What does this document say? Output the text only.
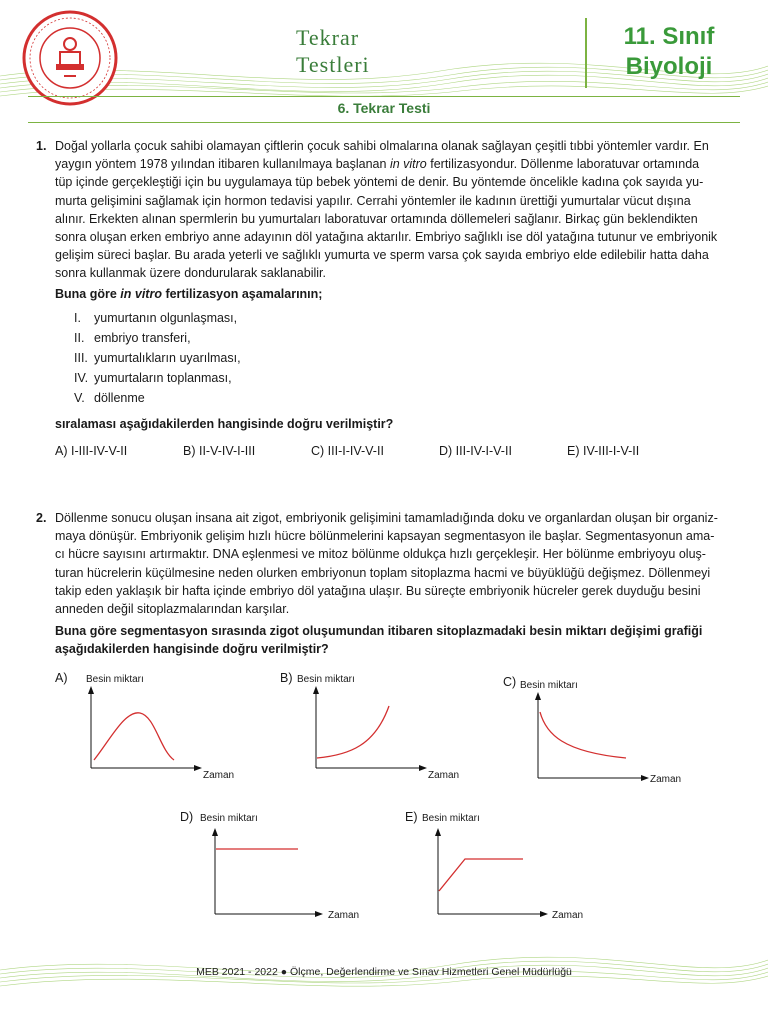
Tekrar
Testleri
11. Sınıf
Biyoloji
6. Tekrar Testi
1. Doğal yollarla çocuk sahibi olamayan çiftlerin çocuk sahibi olmalarına olanak sağlayan çeşitli tıbbi yöntemler vardır. En
yaygın yöntem 1978 yılından itibaren kullanılmaya başlanan in vitro fertilizasyondur. Döllenme laboratuvar ortamında
tüp içinde gerçekleştiği için bu uygulamaya tüp bebek yöntemi de denir. Bu yöntemde öncelikle kadına çok sayıda yu-
murta gelişimini sağlamak için hormon tedavisi yapılır. Cerrahi yöntemler ile kadının ürettiği yumurtalar vücut dışına
alınır. Erkekten alınan spermlerin bu yumurtaları laboratuvar ortamında döllemeleri sağlanır. Birkaç gün beklendikten
sonra oluşan erken embriyo anne adayının döl yatağına aktarılır. Embriyo sağlıklı ise döl yatağına tutunur ve embriyonik
gelişim süreci başlar. Bu arada yeterli ve sağlıklı yumurta ve sperm varsa çok sayıda embriyo elde edilebilir hatta daha
sonra kullanmak üzere dondurularak saklanabilir.
Buna göre in vitro fertilizasyon aşamalarının;
I. yumurtanın olgunlaşması,
II. embriyo transferi,
III. yumurtalıkların uyarılması,
IV. yumurtaların toplanması,
V. döllenme
sıralaması aşağıdakilerden hangisinde doğru verilmiştir?
A) I-III-IV-V-II	B) II-V-IV-I-III	C) III-I-IV-V-II	D) III-IV-I-V-II	E) IV-III-I-V-II
2. Döllenme sonucu oluşan insana ait zigot, embriyonik gelişimini tamamladığında doku ve organlardan oluşan bir organiz-
maya dönüşür. Embriyonik gelişim hızlı hücre bölünmelerini kapsayan segmentasyon ile başlar. Segmentasyonun ama-
cı hücre sayısını artırmaktır. DNA eşlenmesi ve mitoz bölünme oldukça hızlı gerçekleşir. Her bölünme embriyoyu oluş-
turan hücrelerin küçülmesine neden olurken embriyonun toplam sitoplazma hacmi ve büyüklüğü değişmez. Döllenmeyi
takip eden yaklaşık bir hafta içinde embriyo döl yatağına ulaşır. Bu süreçte embriyonik hücreler gerek duyduğu besini
anneden değil sitoplazmalarından karşılar.
Buna göre segmentasyon sırasında zigot oluşumundan itibaren sitoplazmadaki besin miktarı değişimi grafiği
aşağıdakilerden hangisinde doğru verilmiştir?
A) Besin miktarı
Zaman
B) Besin miktarı
Zaman
C) Besin miktarı
Zaman
D) Besin miktarı
Zaman
E) Besin miktarı
Zaman
MEB 2021 - 2022 ● Ölçme, Değerlendirme ve Sınav Hizmetleri Genel Müdürlüğü
